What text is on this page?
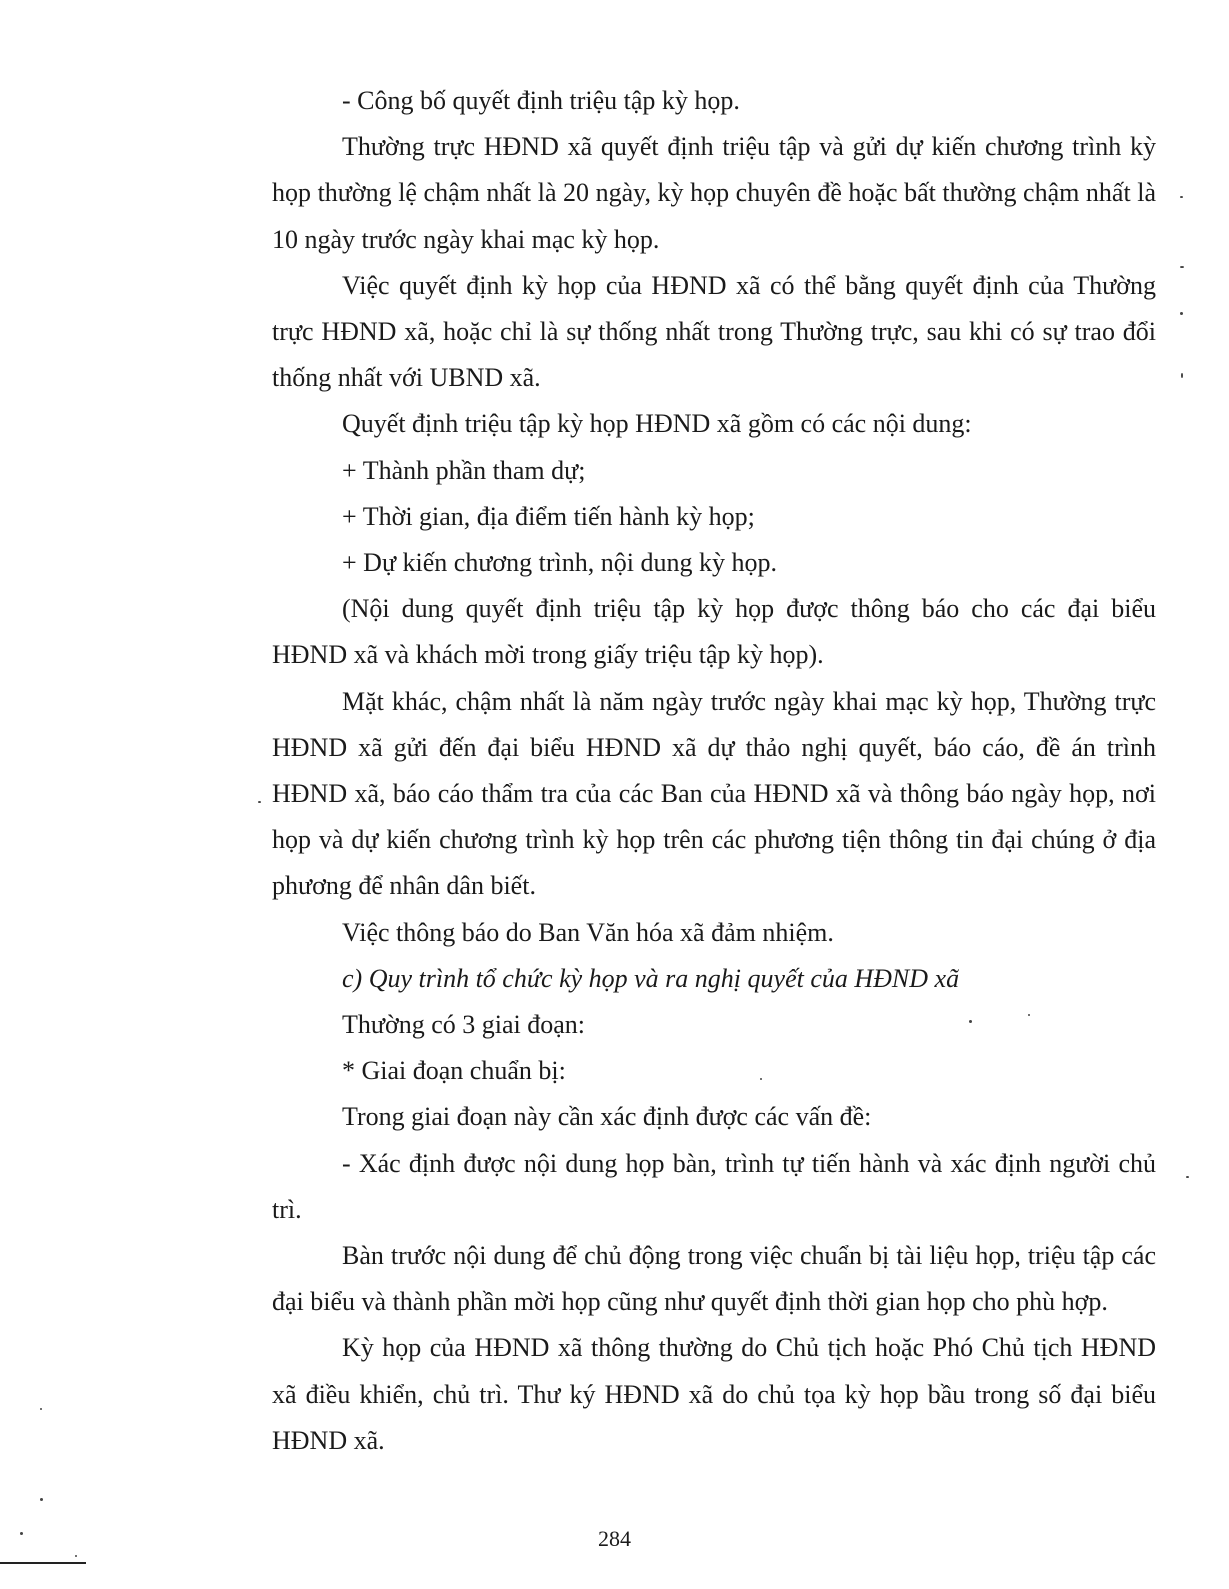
- Công bố quyết định triệu tập kỳ họp.

Thường trực HĐND xã quyết định triệu tập và gửi dự kiến chương trình kỳ họp thường lệ chậm nhất là 20 ngày, kỳ họp chuyên đề hoặc bất thường chậm nhất là 10 ngày trước ngày khai mạc kỳ họp.

Việc quyết định kỳ họp của HĐND xã có thể bằng quyết định của Thường trực HĐND xã, hoặc chỉ là sự thống nhất trong Thường trực, sau khi có sự trao đổi thống nhất với UBND xã.

Quyết định triệu tập kỳ họp HĐND xã gồm có các nội dung:

+ Thành phần tham dự;

+ Thời gian, địa điểm tiến hành kỳ họp;

+ Dự kiến chương trình, nội dung kỳ họp.

(Nội dung quyết định triệu tập kỳ họp được thông báo cho các đại biểu HĐND xã và khách mời trong giấy triệu tập kỳ họp).

Mặt khác, chậm nhất là năm ngày trước ngày khai mạc kỳ họp, Thường trực HĐND xã gửi đến đại biểu HĐND xã dự thảo nghị quyết, báo cáo, đề án trình HĐND xã, báo cáo thẩm tra của các Ban của HĐND xã và thông báo ngày họp, nơi họp và dự kiến chương trình kỳ họp trên các phương tiện thông tin đại chúng ở địa phương để nhân dân biết.

Việc thông báo do Ban Văn hóa xã đảm nhiệm.

c) Quy trình tổ chức kỳ họp và ra nghị quyết của HĐND xã

Thường có 3 giai đoạn:

* Giai đoạn chuẩn bị:

Trong giai đoạn này cần xác định được các vấn đề:

- Xác định được nội dung họp bàn, trình tự tiến hành và xác định người chủ trì.

Bàn trước nội dung để chủ động trong việc chuẩn bị tài liệu họp, triệu tập các đại biểu và thành phần mời họp cũng như quyết định thời gian họp cho phù hợp.

Kỳ họp của HĐND xã thông thường do Chủ tịch hoặc Phó Chủ tịch HĐND xã điều khiển, chủ trì. Thư ký HĐND xã do chủ tọa kỳ họp bầu trong số đại biểu HĐND xã.

284
